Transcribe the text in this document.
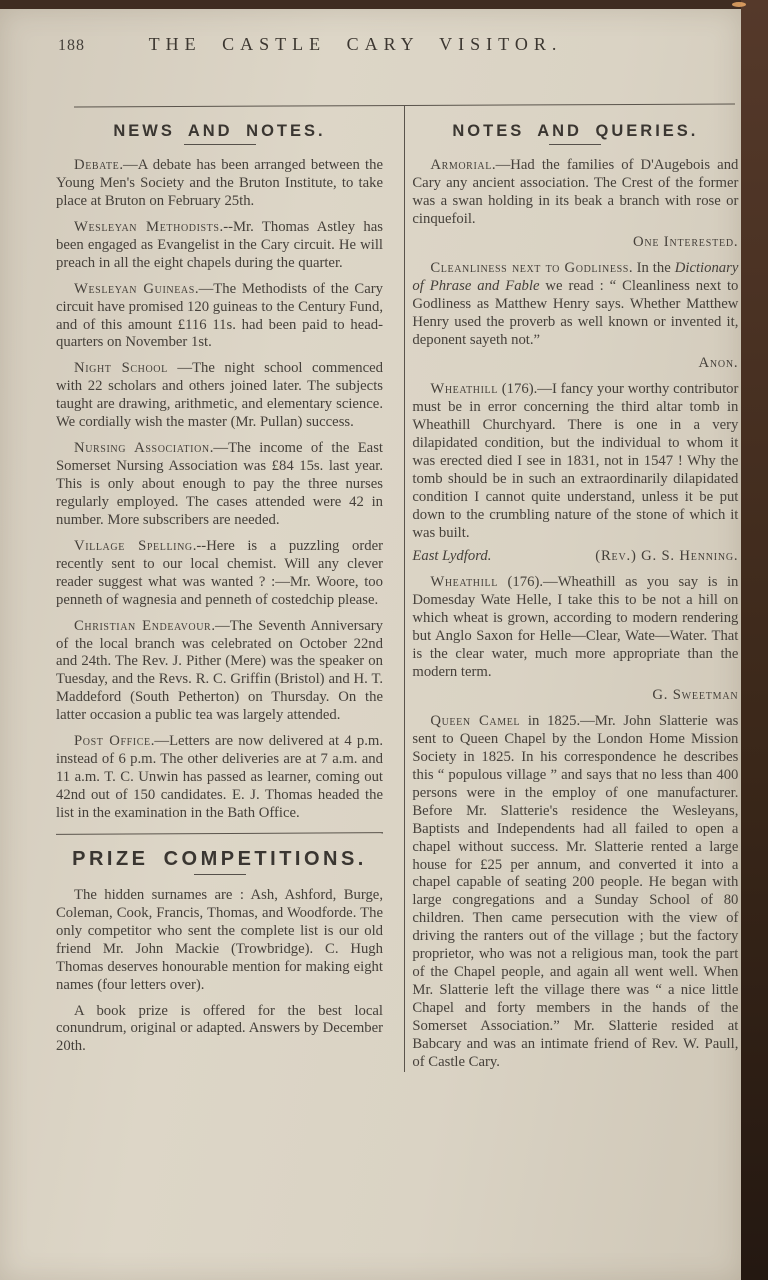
188	THE CASTLE CARY VISITOR.
NEWS AND NOTES.

Debate.—A debate has been arranged between the Young Men's Society and the Bruton Institute, to take place at Bruton on February 25th.

Wesleyan Methodists.--Mr. Thomas Astley has been engaged as Evangelist in the Cary circuit. He will preach in all the eight chapels during the quarter.

Wesleyan Guineas.—The Methodists of the Cary circuit have promised 120 guineas to the Century Fund, and of this amount £116 11s. had been paid to head-quarters on November 1st.

Night School —The night school commenced with 22 scholars and others joined later. The subjects taught are drawing, arithmetic, and elementary science. We cordially wish the master (Mr. Pullan) success.

Nursing Association.—The income of the East Somerset Nursing Association was £84 15s. last year. This is only about enough to pay the three nurses regularly employed. The cases attended were 42 in number. More subscribers are needed.

Village Spelling.--Here is a puzzling order recently sent to our local chemist. Will any clever reader suggest what was wanted ? :—Mr. Woore, too penneth of wagnesia and penneth of costedchip please.

Christian Endeavour.—The Seventh Anniversary of the local branch was celebrated on October 22nd and 24th. The Rev. J. Pither (Mere) was the speaker on Tuesday, and the Revs. R. C. Griffin (Bristol) and H. T. Maddeford (South Petherton) on Thursday. On the latter occasion a public tea was largely attended.

Post Office.—Letters are now delivered at 4 p.m. instead of 6 p.m. The other deliveries are at 7 a.m. and 11 a.m. T. C. Unwin has passed as learner, coming out 42nd out of 150 candidates. E. J. Thomas headed the list in the examination in the Bath Office.

PRIZE COMPETITIONS.

The hidden surnames are : Ash, Ashford, Burge, Coleman, Cook, Francis, Thomas, and Woodforde. The only competitor who sent the complete list is our old friend Mr. John Mackie (Trowbridge). C. Hugh Thomas deserves honourable mention for making eight names (four letters over).

A book prize is offered for the best local conundrum, original or adapted. Answers by December 20th.

NOTES AND QUERIES.

Armorial.—Had the families of D'Augebois and Cary any ancient association. The Crest of the former was a swan holding in its beak a branch with rose or cinquefoil.

One Interested.

Cleanliness next to Godliness. In the Dictionary of Phrase and Fable we read : “ Cleanliness next to Godliness as Matthew Henry says. Whether Matthew Henry used the proverb as well known or invented it, deponent sayeth not.”

Anon.

Wheathill (176).—I fancy your worthy contributor must be in error concerning the third altar tomb in Wheathill Churchyard. There is one in a very dilapidated condition, but the individual to whom it was erected died I see in 1831, not in 1547 ! Why the tomb should be in such an extraordinarily dilapidated condition I cannot quite understand, unless it be put down to the crumbling nature of the stone of which it was built.

East Lydford.	(Rev.) G. S. Henning.

Wheathill (176).—Wheathill as you say is in Domesday Wate Helle, I take this to be not a hill on which wheat is grown, according to modern rendering but Anglo Saxon for Helle—Clear, Wate—Water. That is the clear water, much more appropriate than the modern term.

G. Sweetman

Queen Camel in 1825.—Mr. John Slatterie was sent to Queen Chapel by the London Home Mission Society in 1825. In his correspondence he describes this “ populous village ” and says that no less than 400 persons were in the employ of one manufacturer. Before Mr. Slatterie's residence the Wesleyans, Baptists and Independents had all failed to open a chapel without success. Mr. Slatterie rented a large house for £25 per annum, and converted it into a chapel capable of seating 200 people. He began with large congregations and a Sunday School of 80 children. Then came persecution with the view of driving the ranters out of the village ; but the factory proprietor, who was not a religious man, took the part of the Chapel people, and again all went well. When Mr. Slatterie left the village there was “ a nice little Chapel and forty members in the hands of the Somerset Association.” Mr. Slatterie resided at Babcary and was an intimate friend of Rev. W. Paull, of Castle Cary.
